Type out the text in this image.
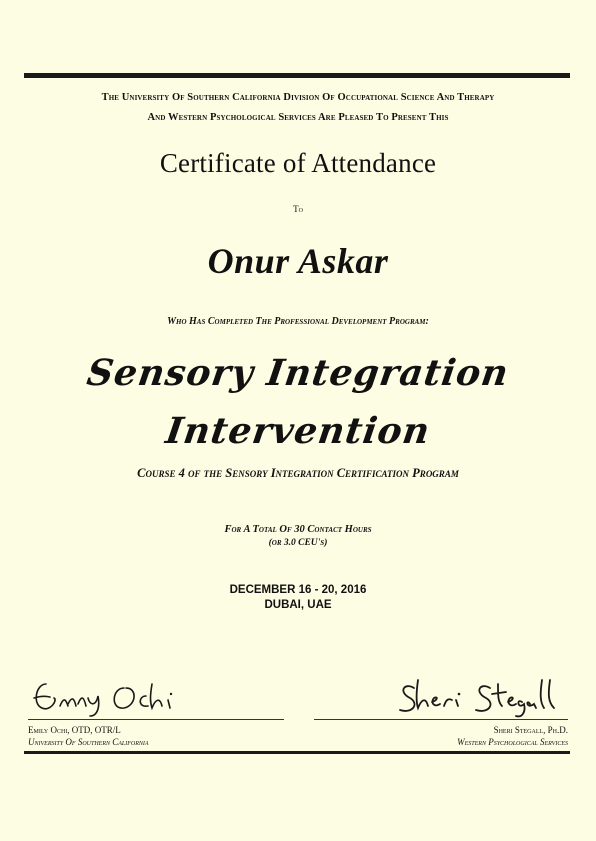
The University Of Southern California Division Of Occupational Science And Therapy
And Western Psychological Services Are Pleased To Present This
Certificate of Attendance
To
Onur Askar
Who Has Completed The Professional Development Program:
Sensory Integration
Intervention
Course 4 of the Sensory Integration Certification Program
For A Total Of 30 Contact Hours
(or 3.0 CEU's)
DECEMBER 16 - 20, 2016
DUBAI, UAE
Emily Ochi, OTD, OTR/L
University Of Southern California
Sheri Stegall, Ph.D.
Western Psychological Services
